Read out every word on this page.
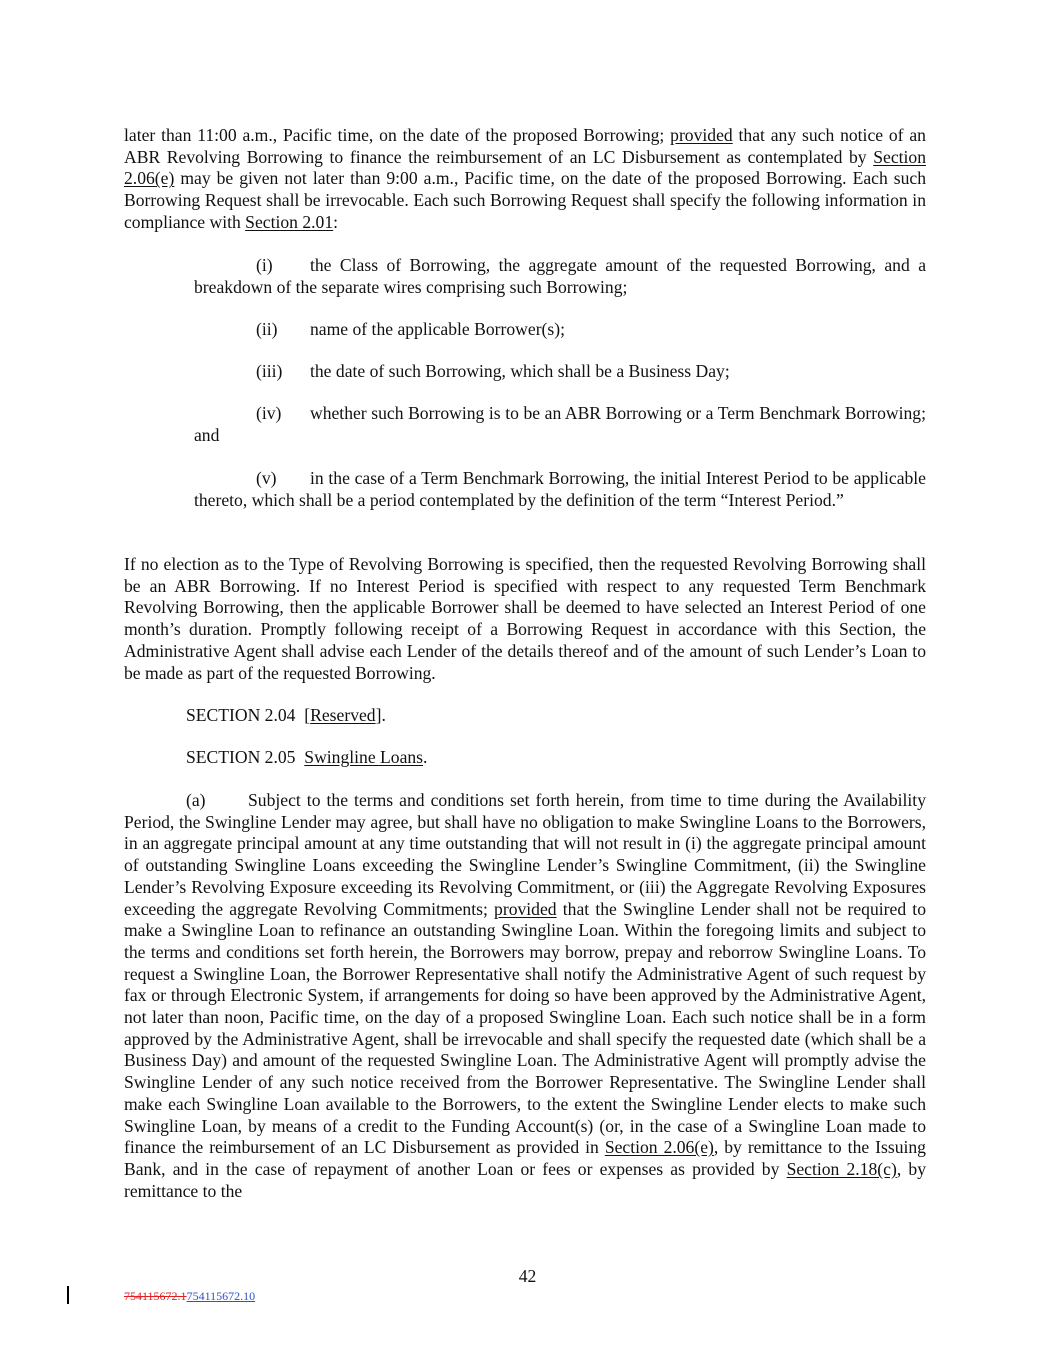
later than 11:00 a.m., Pacific time, on the date of the proposed Borrowing; provided that any such notice of an ABR Revolving Borrowing to finance the reimbursement of an LC Disbursement as contemplated by Section 2.06(e) may be given not later than 9:00 a.m., Pacific time, on the date of the proposed Borrowing. Each such Borrowing Request shall be irrevocable. Each such Borrowing Request shall specify the following information in compliance with Section 2.01:

(i) the Class of Borrowing, the aggregate amount of the requested Borrowing, and a breakdown of the separate wires comprising such Borrowing;

(ii) name of the applicable Borrower(s);

(iii) the date of such Borrowing, which shall be a Business Day;

(iv) whether such Borrowing is to be an ABR Borrowing or a Term Benchmark Borrowing; and

(v) in the case of a Term Benchmark Borrowing, the initial Interest Period to be applicable thereto, which shall be a period contemplated by the definition of the term “Interest Period.”

If no election as to the Type of Revolving Borrowing is specified, then the requested Revolving Borrowing shall be an ABR Borrowing. If no Interest Period is specified with respect to any requested Term Benchmark Revolving Borrowing, then the applicable Borrower shall be deemed to have selected an Interest Period of one month’s duration. Promptly following receipt of a Borrowing Request in accordance with this Section, the Administrative Agent shall advise each Lender of the details thereof and of the amount of such Lender’s Loan to be made as part of the requested Borrowing.

SECTION 2.04  [Reserved].

SECTION 2.05  Swingline Loans.

(a) Subject to the terms and conditions set forth herein, from time to time during the Availability Period, the Swingline Lender may agree, but shall have no obligation to make Swingline Loans to the Borrowers, in an aggregate principal amount at any time outstanding that will not result in (i) the aggregate principal amount of outstanding Swingline Loans exceeding the Swingline Lender’s Swingline Commitment, (ii) the Swingline Lender’s Revolving Exposure exceeding its Revolving Commitment, or (iii) the Aggregate Revolving Exposures exceeding the aggregate Revolving Commitments; provided that the Swingline Lender shall not be required to make a Swingline Loan to refinance an outstanding Swingline Loan. Within the foregoing limits and subject to the terms and conditions set forth herein, the Borrowers may borrow, prepay and reborrow Swingline Loans. To request a Swingline Loan, the Borrower Representative shall notify the Administrative Agent of such request by fax or through Electronic System, if arrangements for doing so have been approved by the Administrative Agent, not later than noon, Pacific time, on the day of a proposed Swingline Loan. Each such notice shall be in a form approved by the Administrative Agent, shall be irrevocable and shall specify the requested date (which shall be a Business Day) and amount of the requested Swingline Loan. The Administrative Agent will promptly advise the Swingline Lender of any such notice received from the Borrower Representative. The Swingline Lender shall make each Swingline Loan available to the Borrowers, to the extent the Swingline Lender elects to make such Swingline Loan, by means of a credit to the Funding Account(s) (or, in the case of a Swingline Loan made to finance the reimbursement of an LC Disbursement as provided in Section 2.06(e), by remittance to the Issuing Bank, and in the case of repayment of another Loan or fees or expenses as provided by Section 2.18(c), by remittance to the

42

754115672.1754115672.10
